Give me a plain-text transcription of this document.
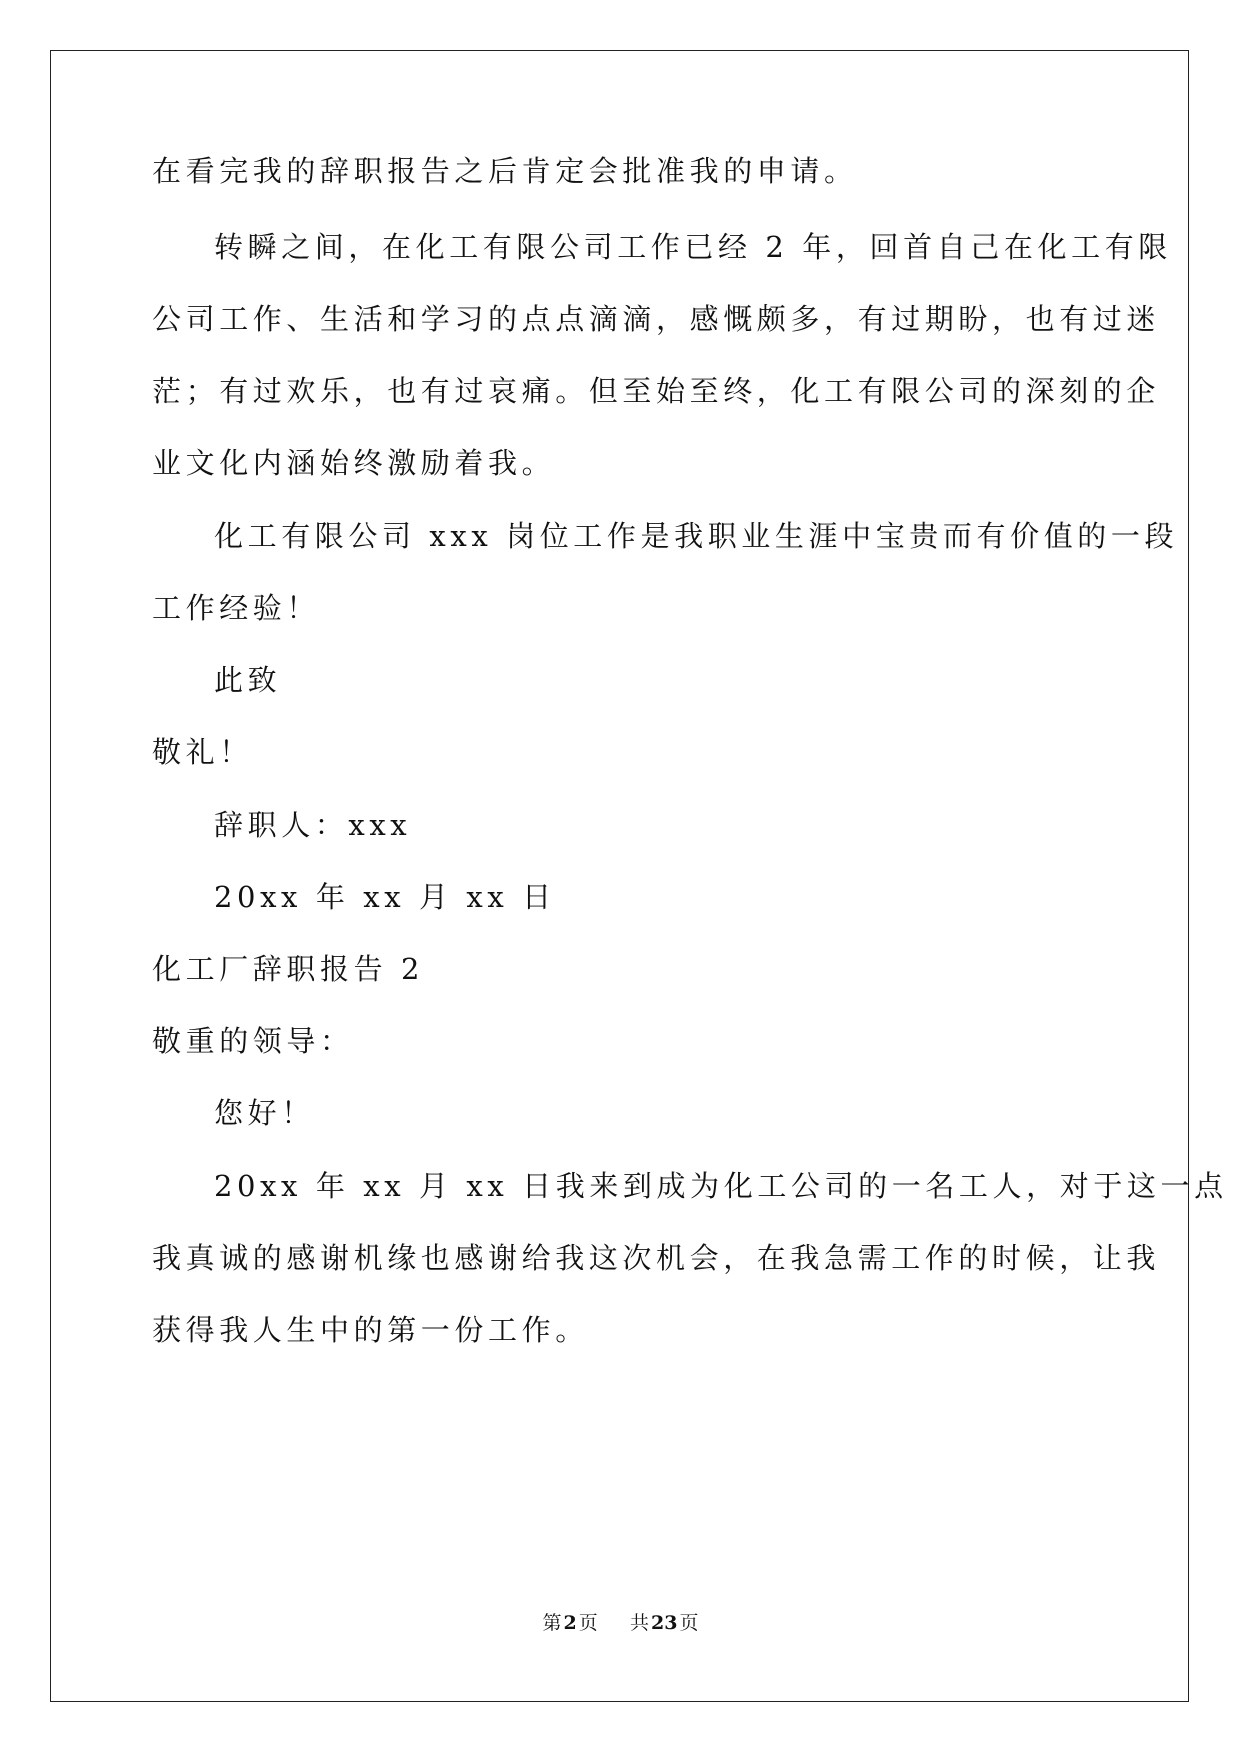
在看完我的辞职报告之后肯定会批准我的申请。
转瞬之间，在化工有限公司工作已经 2 年，回首自己在化工有限
公司工作、生活和学习的点点滴滴，感慨颇多，有过期盼，也有过迷
茫；有过欢乐，也有过哀痛。但至始至终，化工有限公司的深刻的企
业文化内涵始终激励着我。
化工有限公司 xxx 岗位工作是我职业生涯中宝贵而有价值的一段
工作经验！
此致
敬礼！
辞职人：xxx
20xx 年 xx 月 xx 日
化工厂辞职报告 2
敬重的领导：
您好！
20xx 年 xx 月 xx 日我来到成为化工公司的一名工人，对于这一点
我真诚的感谢机缘也感谢给我这次机会，在我急需工作的时候，让我
获得我人生中的第一份工作。
第 2 页 共 23 页
